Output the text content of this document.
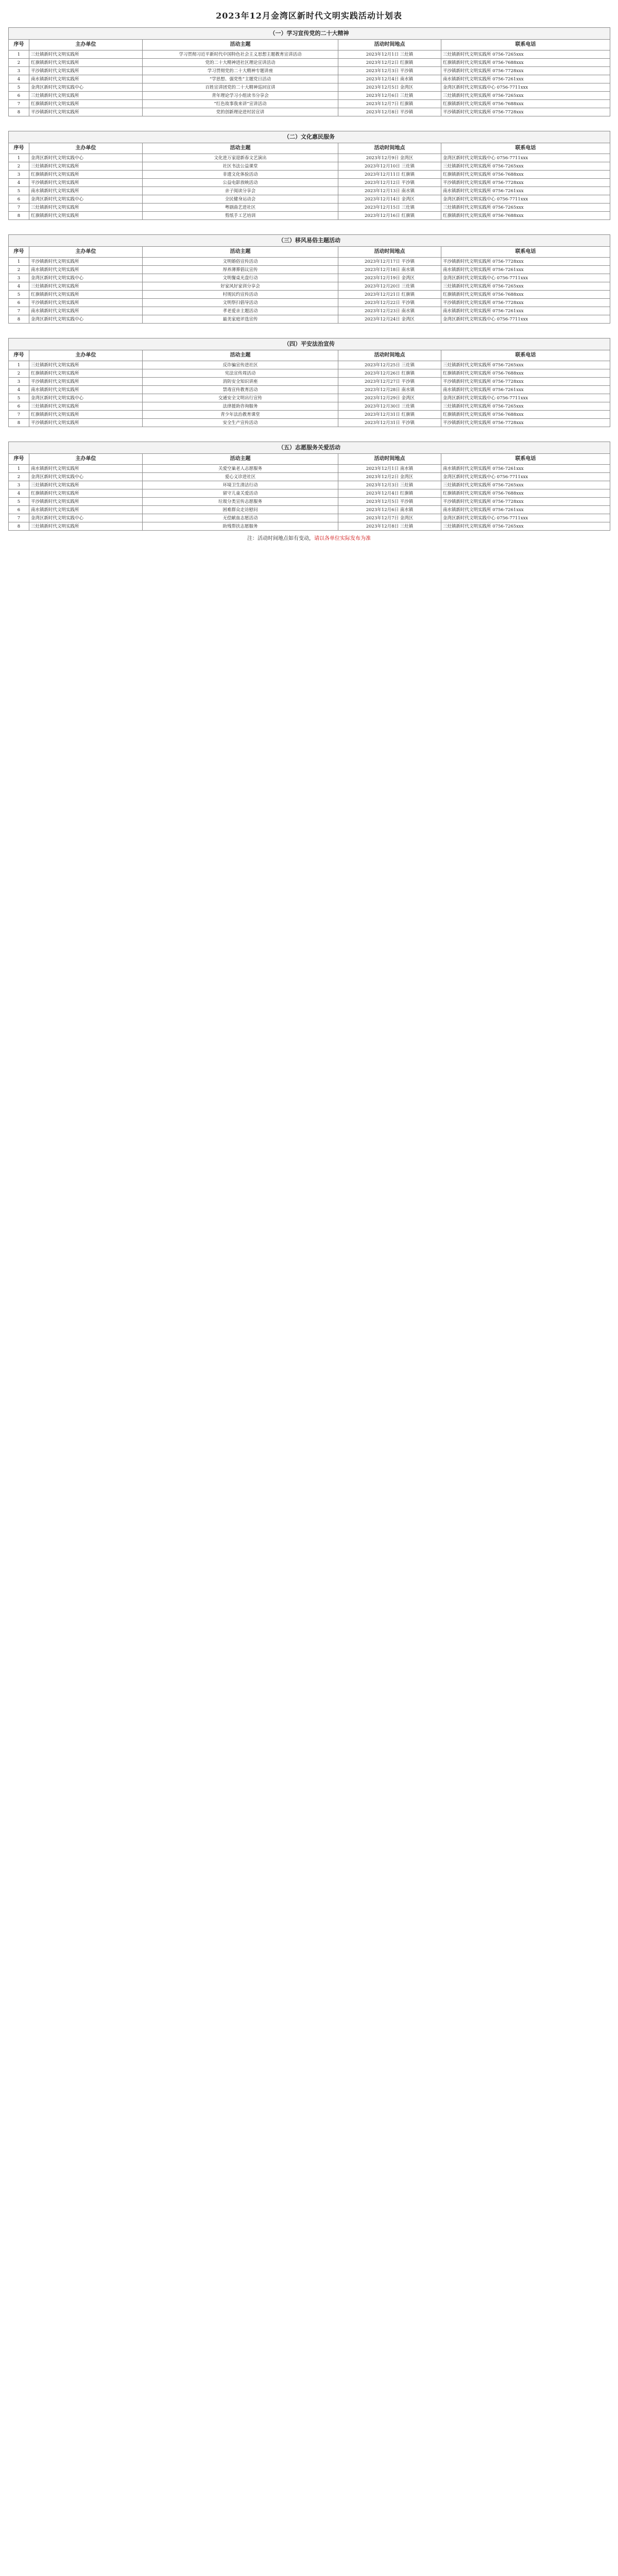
2023年12月金湾区新时代文明实践活动计划表
（一）学习宣传党的二十大精神				
序号	主办单位	活动主题	活动时间地点	联系电话
1	三灶镇新时代文明实践所	学习贯彻习近平新时代中国特色社会主义思想主题教育宣讲活动	2023年12月1日 三灶镇	三灶镇新时代文明实践所 0756-7265xxx
2	红旗镇新时代文明实践所	党的二十大精神进社区理论宣讲活动	2023年12月2日 红旗镇	红旗镇新时代文明实践所 0756-7688xxx
3	平沙镇新时代文明实践所	学习贯彻党的二十大精神专题讲座	2023年12月3日 平沙镇	平沙镇新时代文明实践所 0756-7728xxx
4	南水镇新时代文明实践所	“学思想、强党性”主题党日活动	2023年12月4日 南水镇	南水镇新时代文明实践所 0756-7261xxx
5	金湾区新时代文明实践中心	百姓宣讲团党的二十大精神巡回宣讲	2023年12月5日 金湾区	金湾区新时代文明实践中心 0756-7711xxx
6	三灶镇新时代文明实践所	青年理论学习小组读书分享会	2023年12月6日 三灶镇	三灶镇新时代文明实践所 0756-7265xxx
7	红旗镇新时代文明实践所	“红色故事我来讲”宣讲活动	2023年12月7日 红旗镇	红旗镇新时代文明实践所 0756-7688xxx
8	平沙镇新时代文明实践所	党的创新理论进村居宣讲	2023年12月8日 平沙镇	平沙镇新时代文明实践所 0756-7728xxx

（二）文化惠民服务				
序号	主办单位	活动主题	活动时间地点	联系电话
1	金湾区新时代文明实践中心	文化进万家迎新春文艺演出	2023年12月9日 金湾区	金湾区新时代文明实践中心 0756-7711xxx
2	三灶镇新时代文明实践所	社区书法公益课堂	2023年12月10日 三灶镇	三灶镇新时代文明实践所 0756-7265xxx
3	红旗镇新时代文明实践所	非遗文化体验活动	2023年12月11日 红旗镇	红旗镇新时代文明实践所 0756-7688xxx
4	平沙镇新时代文明实践所	公益电影放映活动	2023年12月12日 平沙镇	平沙镇新时代文明实践所 0756-7728xxx
5	南水镇新时代文明实践所	亲子阅读分享会	2023年12月13日 南水镇	南水镇新时代文明实践所 0756-7261xxx
6	金湾区新时代文明实践中心	全民健身运动会	2023年12月14日 金湾区	金湾区新时代文明实践中心 0756-7711xxx
7	三灶镇新时代文明实践所	粤剧曲艺进社区	2023年12月15日 三灶镇	三灶镇新时代文明实践所 0756-7265xxx
8	红旗镇新时代文明实践所	剪纸手工艺培训	2023年12月16日 红旗镇	红旗镇新时代文明实践所 0756-7688xxx

（三）移风易俗主题活动				
序号	主办单位	活动主题	活动时间地点	联系电话
1	平沙镇新时代文明实践所	文明婚俗宣传活动	2023年12月17日 平沙镇	平沙镇新时代文明实践所 0756-7728xxx
2	南水镇新时代文明实践所	厚养薄葬倡议宣传	2023年12月18日 南水镇	南水镇新时代文明实践所 0756-7261xxx
3	金湾区新时代文明实践中心	文明餐桌光盘行动	2023年12月19日 金湾区	金湾区新时代文明实践中心 0756-7711xxx
4	三灶镇新时代文明实践所	好家风好家训分享会	2023年12月20日 三灶镇	三灶镇新时代文明实践所 0756-7265xxx
5	红旗镇新时代文明实践所	村规民约宣传活动	2023年12月21日 红旗镇	红旗镇新时代文明实践所 0756-7688xxx
6	平沙镇新时代文明实践所	文明祭扫倡导活动	2023年12月22日 平沙镇	平沙镇新时代文明实践所 0756-7728xxx
7	南水镇新时代文明实践所	孝老爱亲主题活动	2023年12月23日 南水镇	南水镇新时代文明实践所 0756-7261xxx
8	金湾区新时代文明实践中心	最美家庭评选宣传	2023年12月24日 金湾区	金湾区新时代文明实践中心 0756-7711xxx

（四）平安法治宣传				
序号	主办单位	活动主题	活动时间地点	联系电话
1	三灶镇新时代文明实践所	反诈骗宣传进社区	2023年12月25日 三灶镇	三灶镇新时代文明实践所 0756-7265xxx
2	红旗镇新时代文明实践所	宪法宣传周活动	2023年12月26日 红旗镇	红旗镇新时代文明实践所 0756-7688xxx
3	平沙镇新时代文明实践所	消防安全知识讲座	2023年12月27日 平沙镇	平沙镇新时代文明实践所 0756-7728xxx
4	南水镇新时代文明实践所	禁毒宣传教育活动	2023年12月28日 南水镇	南水镇新时代文明实践所 0756-7261xxx
5	金湾区新时代文明实践中心	交通安全文明出行宣传	2023年12月29日 金湾区	金湾区新时代文明实践中心 0756-7711xxx
6	三灶镇新时代文明实践所	法律援助咨询服务	2023年12月30日 三灶镇	三灶镇新时代文明实践所 0756-7265xxx
7	红旗镇新时代文明实践所	青少年法治教育课堂	2023年12月31日 红旗镇	红旗镇新时代文明实践所 0756-7688xxx
8	平沙镇新时代文明实践所	安全生产宣传活动	2023年12月31日 平沙镇	平沙镇新时代文明实践所 0756-7728xxx

（五）志愿服务关爱活动				
序号	主办单位	活动主题	活动时间地点	联系电话
1	南水镇新时代文明实践所	关爱空巢老人志愿服务	2023年12月1日 南水镇	南水镇新时代文明实践所 0756-7261xxx
2	金湾区新时代文明实践中心	爱心义诊进社区	2023年12月2日 金湾区	金湾区新时代文明实践中心 0756-7711xxx
3	三灶镇新时代文明实践所	环境卫生清洁行动	2023年12月3日 三灶镇	三灶镇新时代文明实践所 0756-7265xxx
4	红旗镇新时代文明实践所	留守儿童关爱活动	2023年12月4日 红旗镇	红旗镇新时代文明实践所 0756-7688xxx
5	平沙镇新时代文明实践所	垃圾分类宣传志愿服务	2023年12月5日 平沙镇	平沙镇新时代文明实践所 0756-7728xxx
6	南水镇新时代文明实践所	困难群众走访慰问	2023年12月6日 南水镇	南水镇新时代文明实践所 0756-7261xxx
7	金湾区新时代文明实践中心	无偿献血志愿活动	2023年12月7日 金湾区	金湾区新时代文明实践中心 0756-7711xxx
8	三灶镇新时代文明实践所	助残帮扶志愿服务	2023年12月8日 三灶镇	三灶镇新时代文明实践所 0756-7265xxx
注：活动时间地点如有变动，请以各单位实际发布为准
